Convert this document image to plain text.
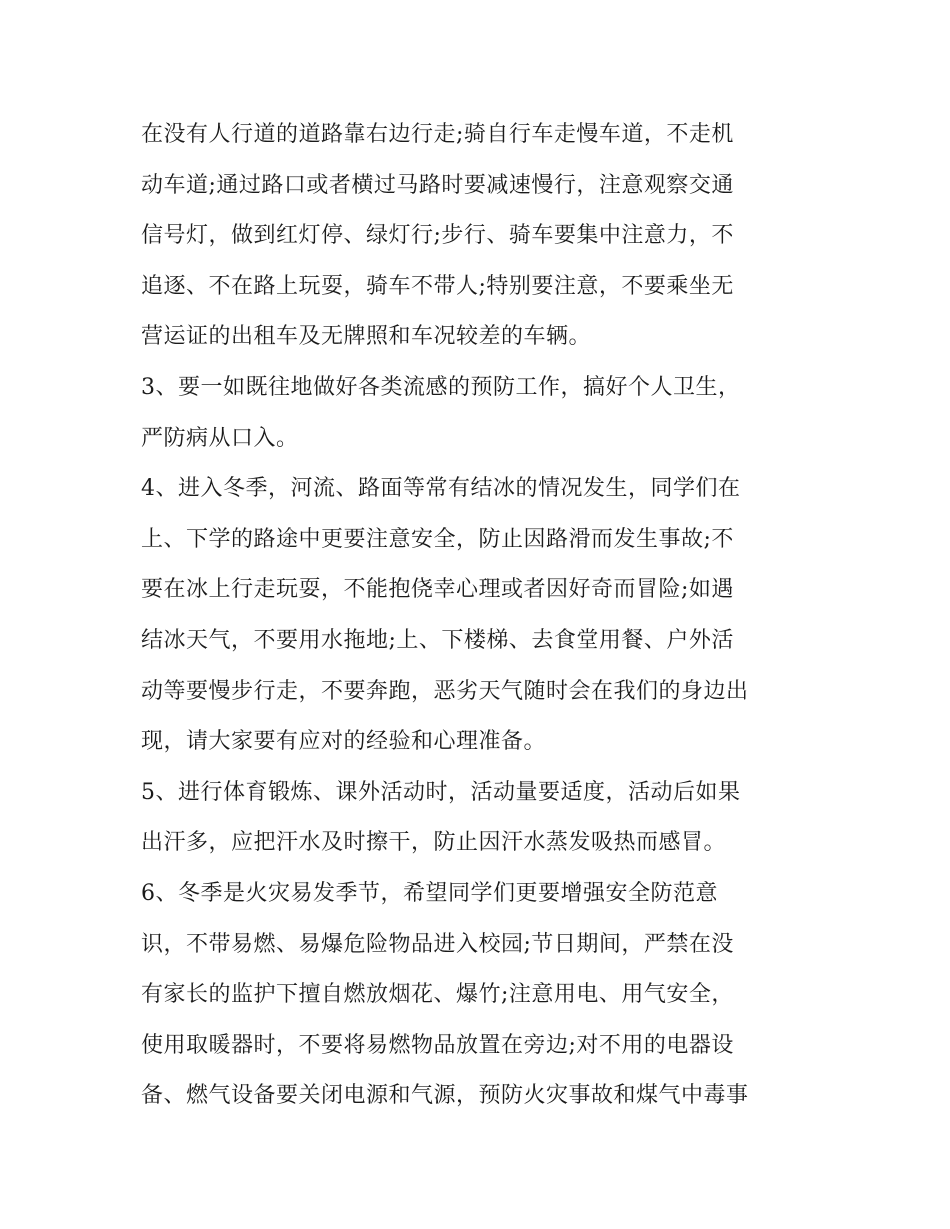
在没有人行道的道路靠右边行走;骑自行车走慢车道，不走机
动车道;通过路口或者横过马路时要减速慢行，注意观察交通
信号灯，做到红灯停、绿灯行;步行、骑车要集中注意力，不
追逐、不在路上玩耍，骑车不带人;特别要注意，不要乘坐无
营运证的出租车及无牌照和车况较差的车辆。
3、要一如既往地做好各类流感的预防工作，搞好个人卫生，
严防病从口入。
4、进入冬季，河流、路面等常有结冰的情况发生，同学们在
上、下学的路途中更要注意安全，防止因路滑而发生事故;不
要在冰上行走玩耍，不能抱侥幸心理或者因好奇而冒险;如遇
结冰天气，不要用水拖地;上、下楼梯、去食堂用餐、户外活
动等要慢步行走，不要奔跑，恶劣天气随时会在我们的身边出
现，请大家要有应对的经验和心理准备。
5、进行体育锻炼、课外活动时，活动量要适度，活动后如果
出汗多，应把汗水及时擦干，防止因汗水蒸发吸热而感冒。
6、冬季是火灾易发季节，希望同学们更要增强安全防范意
识，不带易燃、易爆危险物品进入校园;节日期间，严禁在没
有家长的监护下擅自燃放烟花、爆竹;注意用电、用气安全，
使用取暖器时，不要将易燃物品放置在旁边;对不用的电器设
备、燃气设备要关闭电源和气源，预防火灾事故和煤气中毒事
